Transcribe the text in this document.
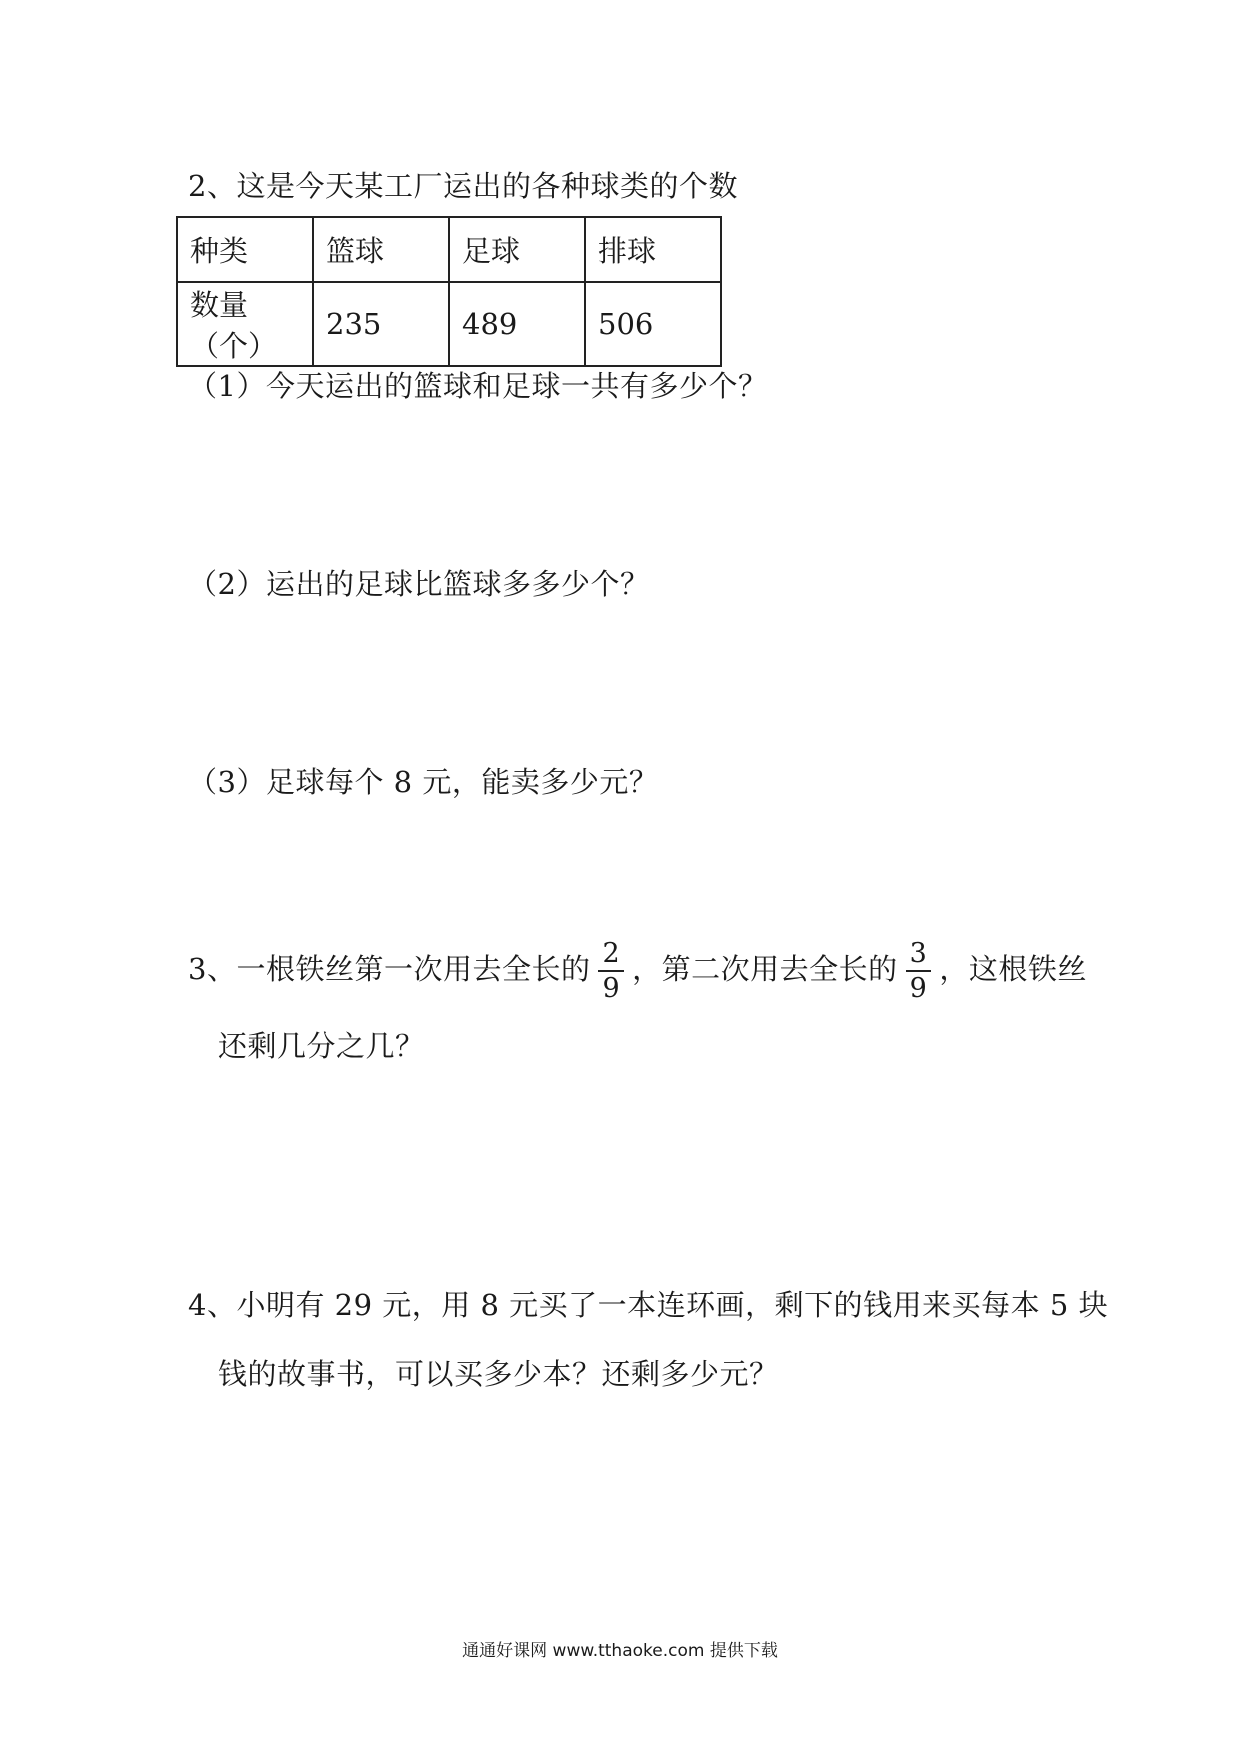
2、这是今天某工厂运出的各种球类的个数
种类	篮球	足球	排球
数量（个）	235	489	506
（1）今天运出的篮球和足球一共有多少个？
（2）运出的足球比篮球多多少个？
（3）足球每个 8 元，能卖多少元？
3、一根铁丝第一次用去全长的 $\frac{2}{9}$ ，第二次用去全长的 $\frac{3}{9}$ ，这根铁丝
还剩几分之几？
4、小明有 29 元，用 8 元买了一本连环画，剩下的钱用来买每本 5 块
钱的故事书，可以买多少本？还剩多少元？
通通好课网 www.tthaoke.com 提供下载
